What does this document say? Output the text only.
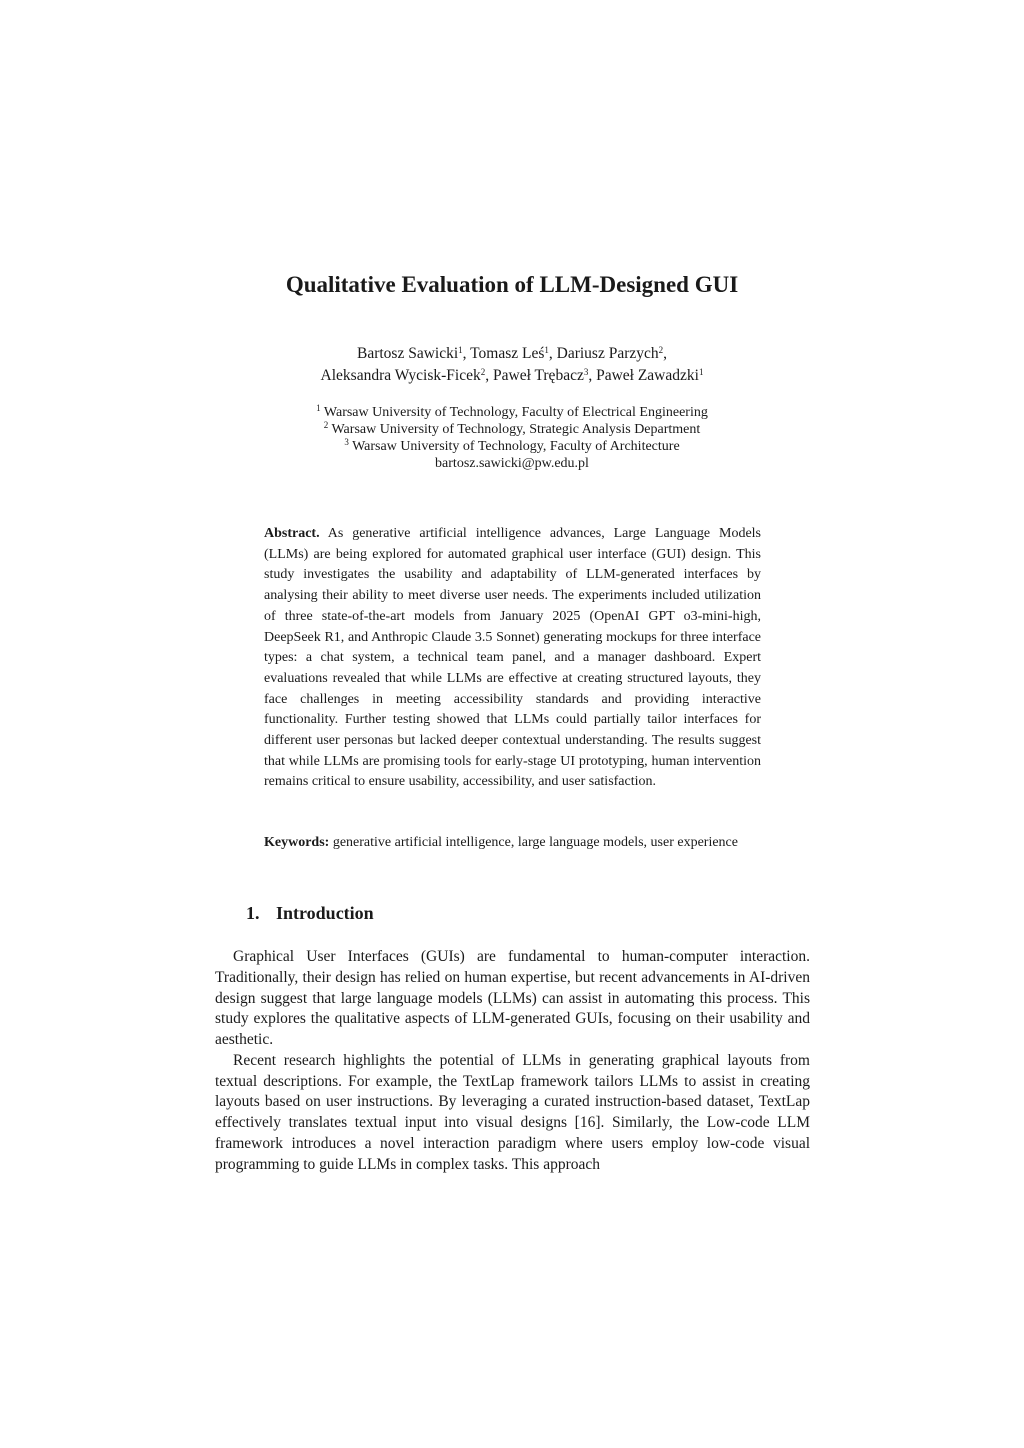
Qualitative Evaluation of LLM-Designed GUI
Bartosz Sawicki$^1$, Tomasz Leś$^1$, Dariusz Parzych$^2$,
Aleksandra Wycisk-Ficek$^2$, Paweł Trębacz$^3$, Paweł Zawadzki$^1$
$^1$ Warsaw University of Technology, Faculty of Electrical Engineering
$^2$ Warsaw University of Technology, Strategic Analysis Department
$^3$ Warsaw University of Technology, Faculty of Architecture
bartosz.sawicki@pw.edu.pl

Abstract. As generative artificial intelligence advances, Large Language Models (LLMs) are being explored for automated graphical user interface (GUI) design. This study investigates the usability and adaptability of LLM-generated interfaces by analysing their ability to meet diverse user needs. The experiments included utilization of three state-of-the-art models from January 2025 (OpenAI GPT o3-mini-high, DeepSeek R1, and Anthropic Claude 3.5 Sonnet) generating mockups for three interface types: a chat system, a technical team panel, and a manager dashboard. Expert evaluations revealed that while LLMs are effective at creating structured layouts, they face challenges in meeting accessibility standards and providing interactive functionality. Further testing showed that LLMs could partially tailor interfaces for different user personas but lacked deeper contextual understanding. The results suggest that while LLMs are promising tools for early-stage UI prototyping, human intervention remains critical to ensure usability, accessibility, and user satisfaction.

Keywords: generative artificial intelligence, large language models, user experience

1. Introduction

Graphical User Interfaces (GUIs) are fundamental to human-computer interaction. Traditionally, their design has relied on human expertise, but recent advancements in AI-driven design suggest that large language models (LLMs) can assist in automating this process. This study explores the qualitative aspects of LLM-generated GUIs, focusing on their usability and aesthetic.

Recent research highlights the potential of LLMs in generating graphical layouts from textual descriptions. For example, the TextLap framework tailors LLMs to assist in creating layouts based on user instructions. By leveraging a curated instruction-based dataset, TextLap effectively translates textual input into visual designs [16]. Similarly, the Low-code LLM framework introduces a novel interaction paradigm where users employ low-code visual programming to guide LLMs in complex tasks. This approach
